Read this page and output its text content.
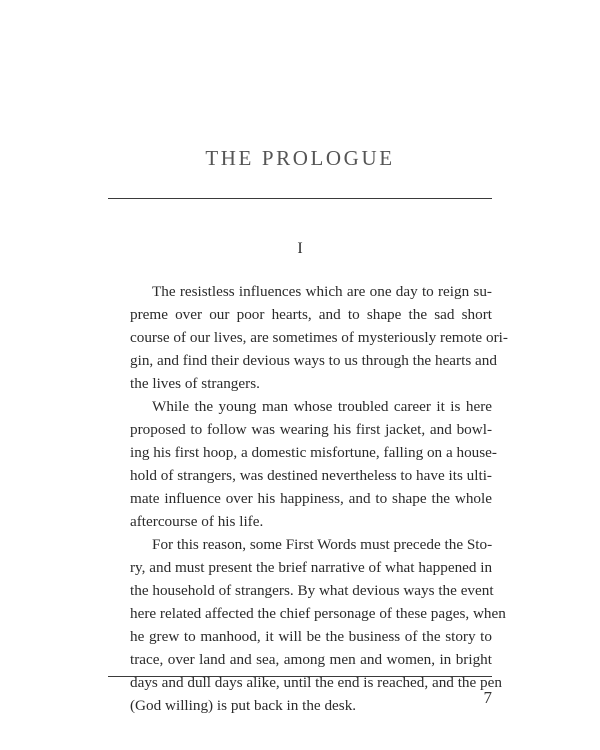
THE PROLOGUE
I

The resistless influences which are one day to reign su-
preme over our poor hearts, and to shape the sad short
course of our lives, are sometimes of mysteriously remote ori-
gin, and find their devious ways to us through the hearts and
the lives of strangers.

While the young man whose troubled career it is here
proposed to follow was wearing his first jacket, and bowl-
ing his first hoop, a domestic misfortune, falling on a house-
hold of strangers, was destined nevertheless to have its ulti-
mate influence over his happiness, and to shape the whole
aftercourse of his life.

For this reason, some First Words must precede the Sto-
ry, and must present the brief narrative of what happened in
the household of strangers. By what devious ways the event
here related affected the chief personage of these pages, when
he grew to manhood, it will be the business of the story to
trace, over land and sea, among men and women, in bright
days and dull days alike, until the end is reached, and the pen
(God willing) is put back in the desk.	7
